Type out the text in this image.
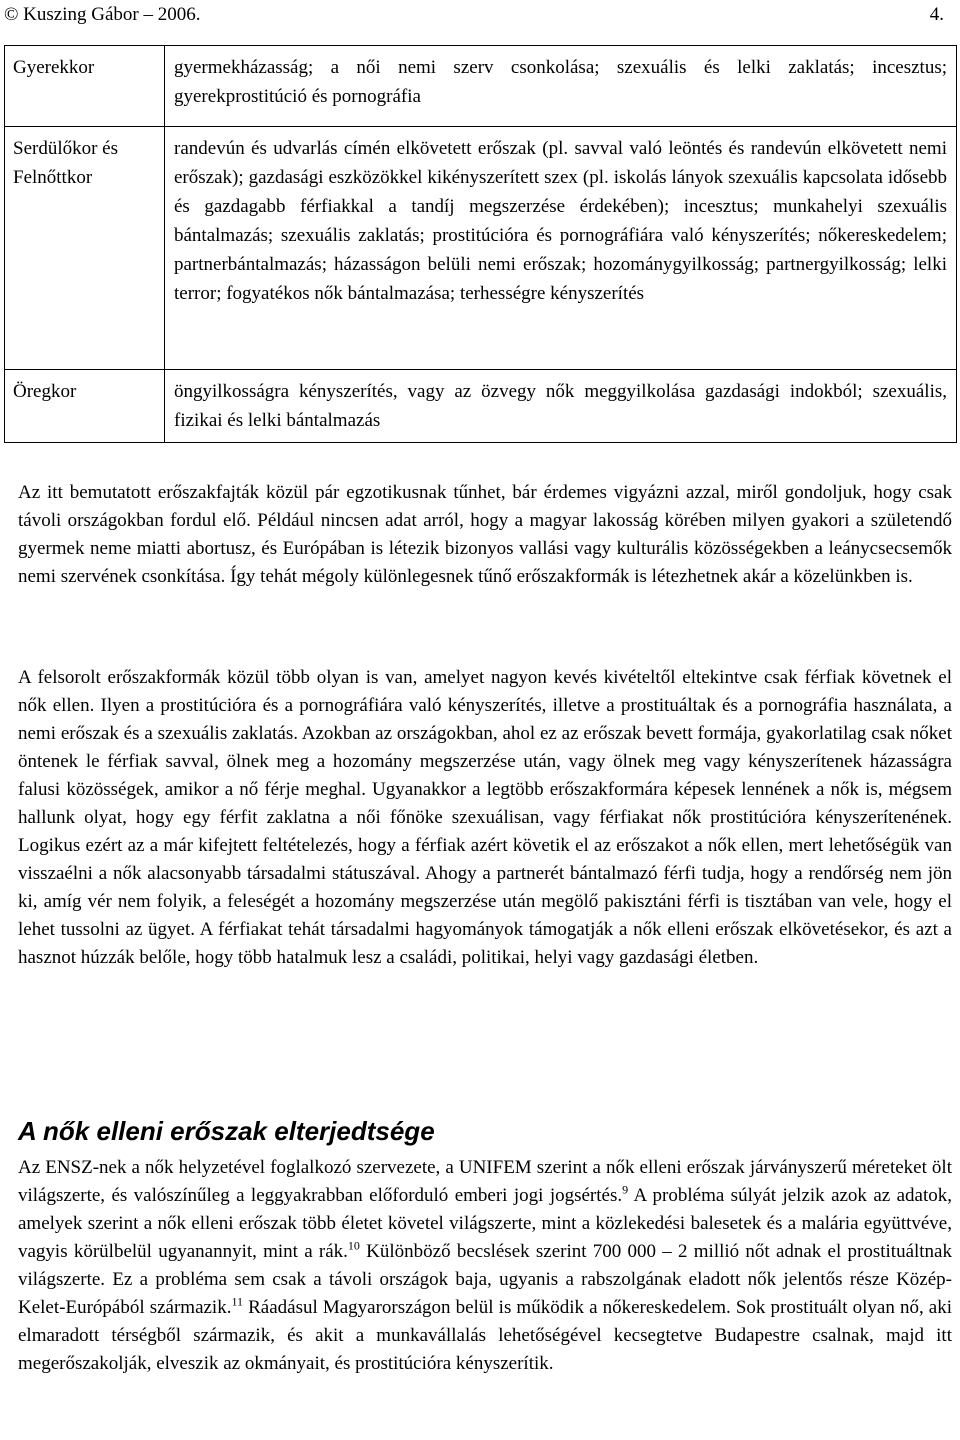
© Kuszing Gábor – 2006.	4.
Gyerekkor	gyermekházasság; a női nemi szerv csonkolása; szexuális és lelki zaklatás; incesztus; gyerekprostitúció és pornográfia
Serdülőkor és Felnőttkor	randevún és udvarlás címén elkövetett erőszak (pl. savval való leöntés és randevún elkövetett nemi erőszak); gazdasági eszközökkel kikényszerített szex (pl. iskolás lányok szexuális kapcsolata idősebb és gazdagabb férfiakkal a tandíj megszerzése érdekében); incesztus; munkahelyi szexuális bántalmazás; szexuális zaklatás; prostitúcióra és pornográfiára való kényszerítés; nőkereskedelem; partnerbántalmazás; házasságon belüli nemi erőszak; hozománygyilkosság; partnergyilkosság; lelki terror; fogyatékos nők bántalmazása; terhességre kényszerítés
Öregkor	öngyilkosságra kényszerítés, vagy az özvegy nők meggyilkolása gazdasági indokból; szexuális, fizikai és lelki bántalmazás

Az itt bemutatott erőszakfajták közül pár egzotikusnak tűnhet, bár érdemes vigyázni azzal, miről gondoljuk, hogy csak távoli országokban fordul elő. Például nincsen adat arról, hogy a magyar lakosság körében milyen gyakori a születendő gyermek neme miatti abortusz, és Európában is létezik bizonyos vallási vagy kulturális közösségekben a leánycsecsemők nemi szervének csonkítása. Így tehát mégoly különlegesnek tűnő erőszakformák is létezhetnek akár a közelünkben is.

A felsorolt erőszakformák közül több olyan is van, amelyet nagyon kevés kivételtől eltekintve csak férfiak követnek el nők ellen. Ilyen a prostitúcióra és a pornográfiára való kényszerítés, illetve a prostituáltak és a pornográfia használata, a nemi erőszak és a szexuális zaklatás. Azokban az országokban, ahol ez az erőszak bevett formája, gyakorlatilag csak nőket öntenek le férfiak savval, ölnek meg a hozomány megszerzése után, vagy ölnek meg vagy kényszerítenek házasságra falusi közösségek, amikor a nő férje meghal. Ugyanakkor a legtöbb erőszakformára képesek lennének a nők is, mégsem hallunk olyat, hogy egy férfit zaklatna a női főnöke szexuálisan, vagy férfiakat nők prostitúcióra kényszerítenének. Logikus ezért az a már kifejtett feltételezés, hogy a férfiak azért követik el az erőszakot a nők ellen, mert lehetőségük van visszaélni a nők alacsonyabb társadalmi státuszával. Ahogy a partnerét bántalmazó férfi tudja, hogy a rendőrség nem jön ki, amíg vér nem folyik, a feleségét a hozomány megszerzése után megölő pakisztáni férfi is tisztában van vele, hogy el lehet tussolni az ügyet. A férfiakat tehát társadalmi hagyományok támogatják a nők elleni erőszak elkövetésekor, és azt a hasznot húzzák belőle, hogy több hatalmuk lesz a családi, politikai, helyi vagy gazdasági életben.

A nők elleni erőszak elterjedtsége

Az ENSZ-nek a nők helyzetével foglalkozó szervezete, a UNIFEM szerint a nők elleni erőszak járványszerű méreteket ölt világszerte, és valószínűleg a leggyakrabban előforduló emberi jogi jogsértés.$^9$ A probléma súlyát jelzik azok az adatok, amelyek szerint a nők elleni erőszak több életet követel világszerte, mint a közlekedési balesetek és a malária együttvéve, vagyis körülbelül ugyanannyit, mint a rák.$^{10}$ Különböző becslések szerint 700 000 – 2 millió nőt adnak el prostituáltnak világszerte. Ez a probléma sem csak a távoli országok baja, ugyanis a rabszolgának eladott nők jelentős része Közép-Kelet-Európából származik.$^{11}$ Ráadásul Magyarországon belül is működik a nőkereskedelem. Sok prostituált olyan nő, aki elmaradott térségből származik, és akit a munkavállalás lehetőségével kecsegtetve Budapestre csalnak, majd itt megerőszakolják, elveszik az okmányait, és prostitúcióra kényszerítik.
